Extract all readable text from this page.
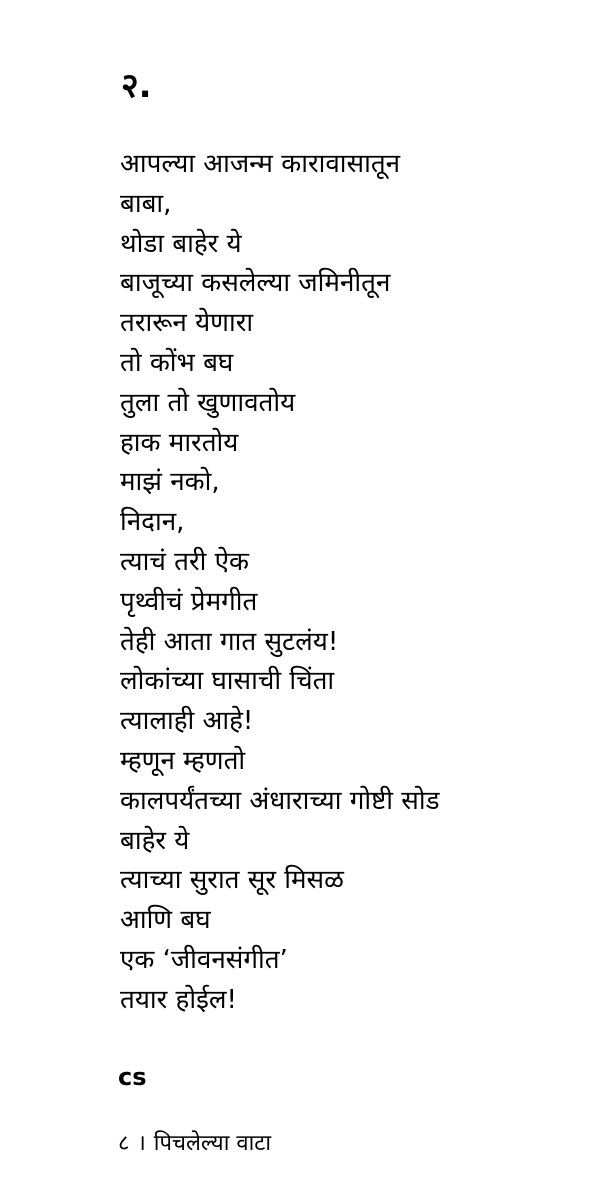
२.
आपल्या आजन्म कारावासातून
बाबा,
थोडा बाहेर ये
बाजूच्या कसलेल्या जमिनीतून
तरारून येणारा
तो कोंभ बघ
तुला तो खुणावतोय
हाक मारतोय
माझं नको,
निदान,
त्याचं तरी ऐक
पृथ्वीचं प्रेमगीत
तेही आता गात सुटलंय!
लोकांच्या घासाची चिंता
त्यालाही आहे!
म्हणून म्हणतो
कालपर्यंतच्या अंधाराच्या गोष्टी सोड
बाहेर ये
त्याच्या सुरात सूर मिसळ
आणि बघ
एक ‘जीवनसंगीत’
तयार होईल!
cs
८ । पिचलेल्या वाटा
